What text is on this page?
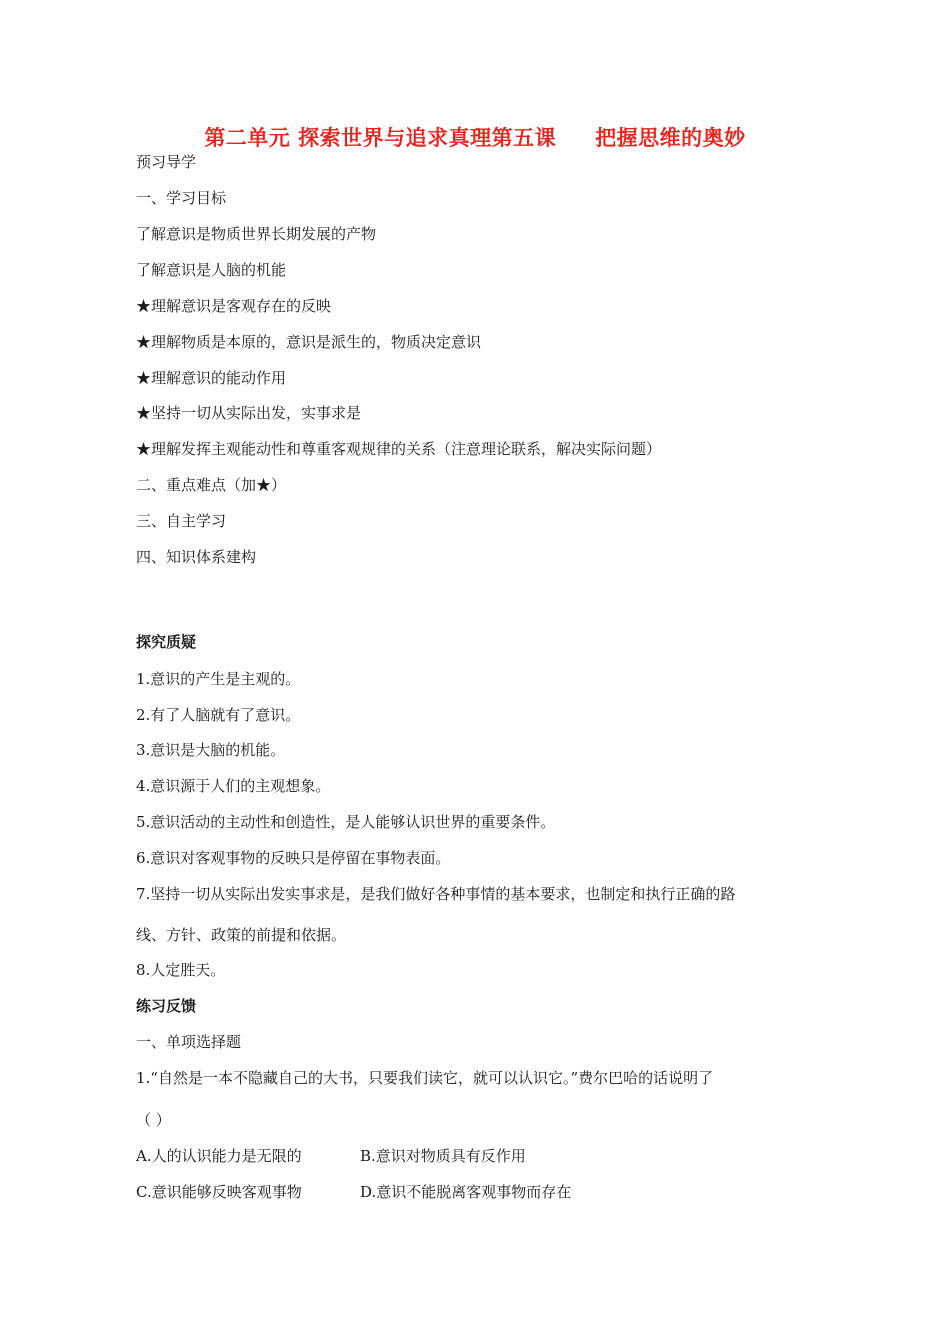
第二单元 探索世界与追求真理第五课     把握思维的奥妙
预习导学
一、学习目标
了解意识是物质世界长期发展的产物
了解意识是人脑的机能
★理解意识是客观存在的反映
★理解物质是本原的，意识是派生的，物质决定意识
★理解意识的能动作用
★坚持一切从实际出发，实事求是
★理解发挥主观能动性和尊重客观规律的关系（注意理论联系，解决实际问题）
二、重点难点（加★）
三、自主学习
四、知识体系建构
探究质疑
1.意识的产生是主观的。
2.有了人脑就有了意识。
3.意识是大脑的机能。
4.意识源于人们的主观想象。
5.意识活动的主动性和创造性，是人能够认识世界的重要条件。
6.意识对客观事物的反映只是停留在事物表面。
7.坚持一切从实际出发实事求是，是我们做好各种事情的基本要求，也制定和执行正确的路
线、方针、政策的前提和依据。
8.人定胜天。
练习反馈
一、单项选择题
1.“自然是一本不隐藏自己的大书，只要我们读它，就可以认识它。”费尔巴哈的话说明了
（ ）
A.人的认识能力是无限的	B.意识对物质具有反作用
C.意识能够反映客观事物	D.意识不能脱离客观事物而存在
